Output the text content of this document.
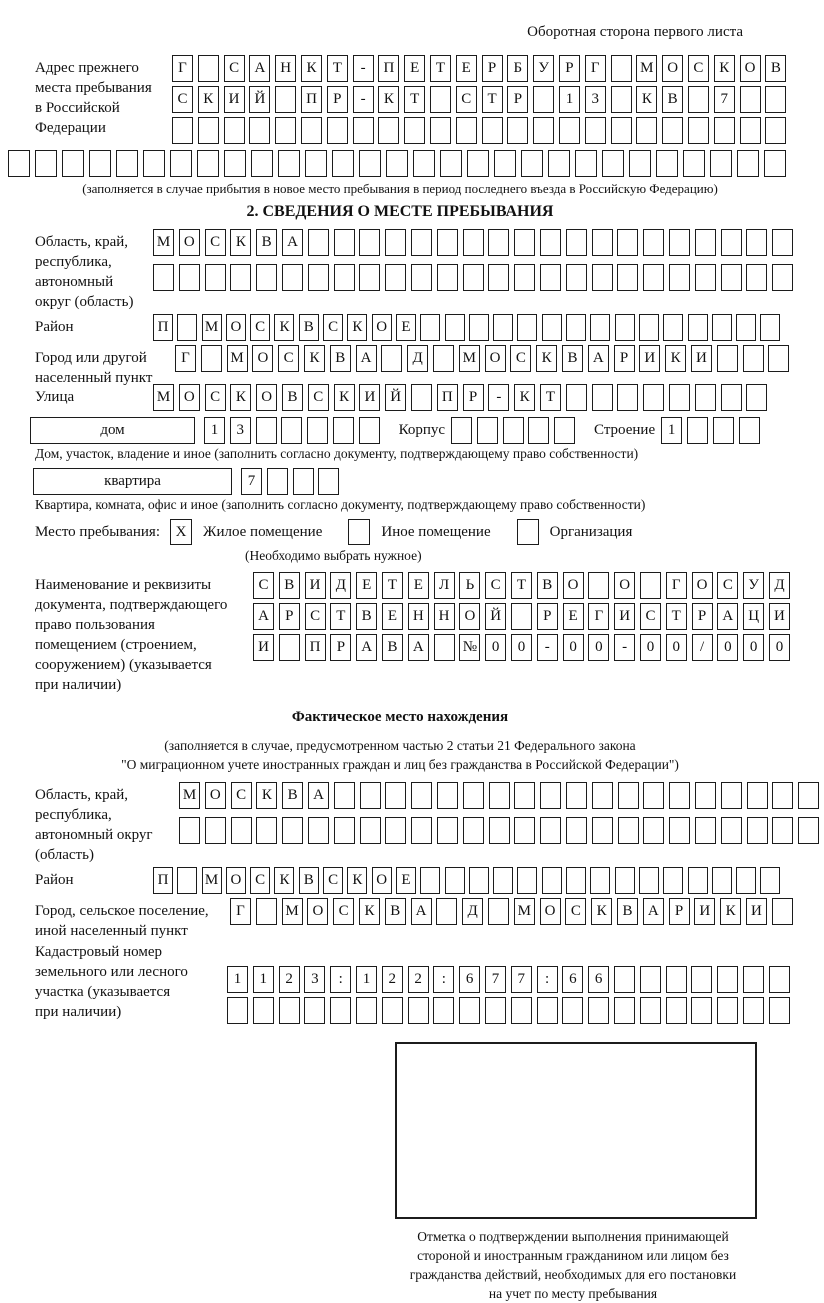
Оборотная сторона первого листа
Адрес прежнего
места пребывания
в Российской
Федерации
Г	С	А Н	К	Т	-	П	Е	Т	Е	Р	Б	У	Р	Г	М О	С	К	О	В
С	К	И Й	П	Р	-	К	Т	С	Т	Р	1	3	К	В	7
(заполняется в случае прибытия в новое место пребывания в период последнего въезда в Российскую Федерацию)
2. СВЕДЕНИЯ О МЕСТЕ ПРЕБЫВАНИЯ
Область, край,
республика,
автономный
округ (область)
М О	С	К	В	А
Район	П	М О С К В С К О Е
Город или другой
населенный пункт
Г	М О	С	К	В	А	Д	М О	С	К	В	А	Р	И	К	И
Улица	М О	С	К	О	В	С	К	И Й	П	Р	-	К	Т
дом	1	3	Корпус	Строение 1
Дом, участок, владение и иное (заполнить согласно документу, подтверждающему право собственности)
квартира	7
Квартира, комната, офис и иное (заполнить согласно документу, подтверждающему право собственности)
Место пребывания:	X	Жилое помещение	Иное помещение	Организация
(Необходимо выбрать нужное)
Наименование и реквизиты
документа, подтверждающего
право пользования
помещением (строением,
сооружением) (указывается
при наличии)
С	В	И	Д	Е	Т	Е	Л	Ь	С	Т	В	О	О	Г	О	С	У	Д
А	Р	С	Т	В	Е	Н Н О Й	Р	Е	Г	И	С	Т	Р	А Ц И
И	П	Р	А	В	А	№ 0	0	-	0	0	-	0	0	/	0	0	0
Фактическое место нахождения
(заполняется в случае, предусмотренном частью 2 статьи 21 Федерального закона
"О миграционном учете иностранных граждан и лиц без гражданства в Российской Федерации")
Область, край,
республика,
автономный округ
(область)
М О	С	К	В	А
Район	П	М О С К В С К О Е
Город, сельское поселение,
иной населенный пункт
Г	М О	С	К	В	А	Д	М О	С	К	В	А	Р	И	К	И
Кадастровый номер
земельного или лесного
участка (указывается
при наличии)
1	1	2	3	:	1	2	2	:	6	7	7	:	6	6
Отметка о подтверждении выполнения принимающей
стороной и иностранным гражданином или лицом без
гражданства действий, необходимых для его постановки
на учет по месту пребывания
